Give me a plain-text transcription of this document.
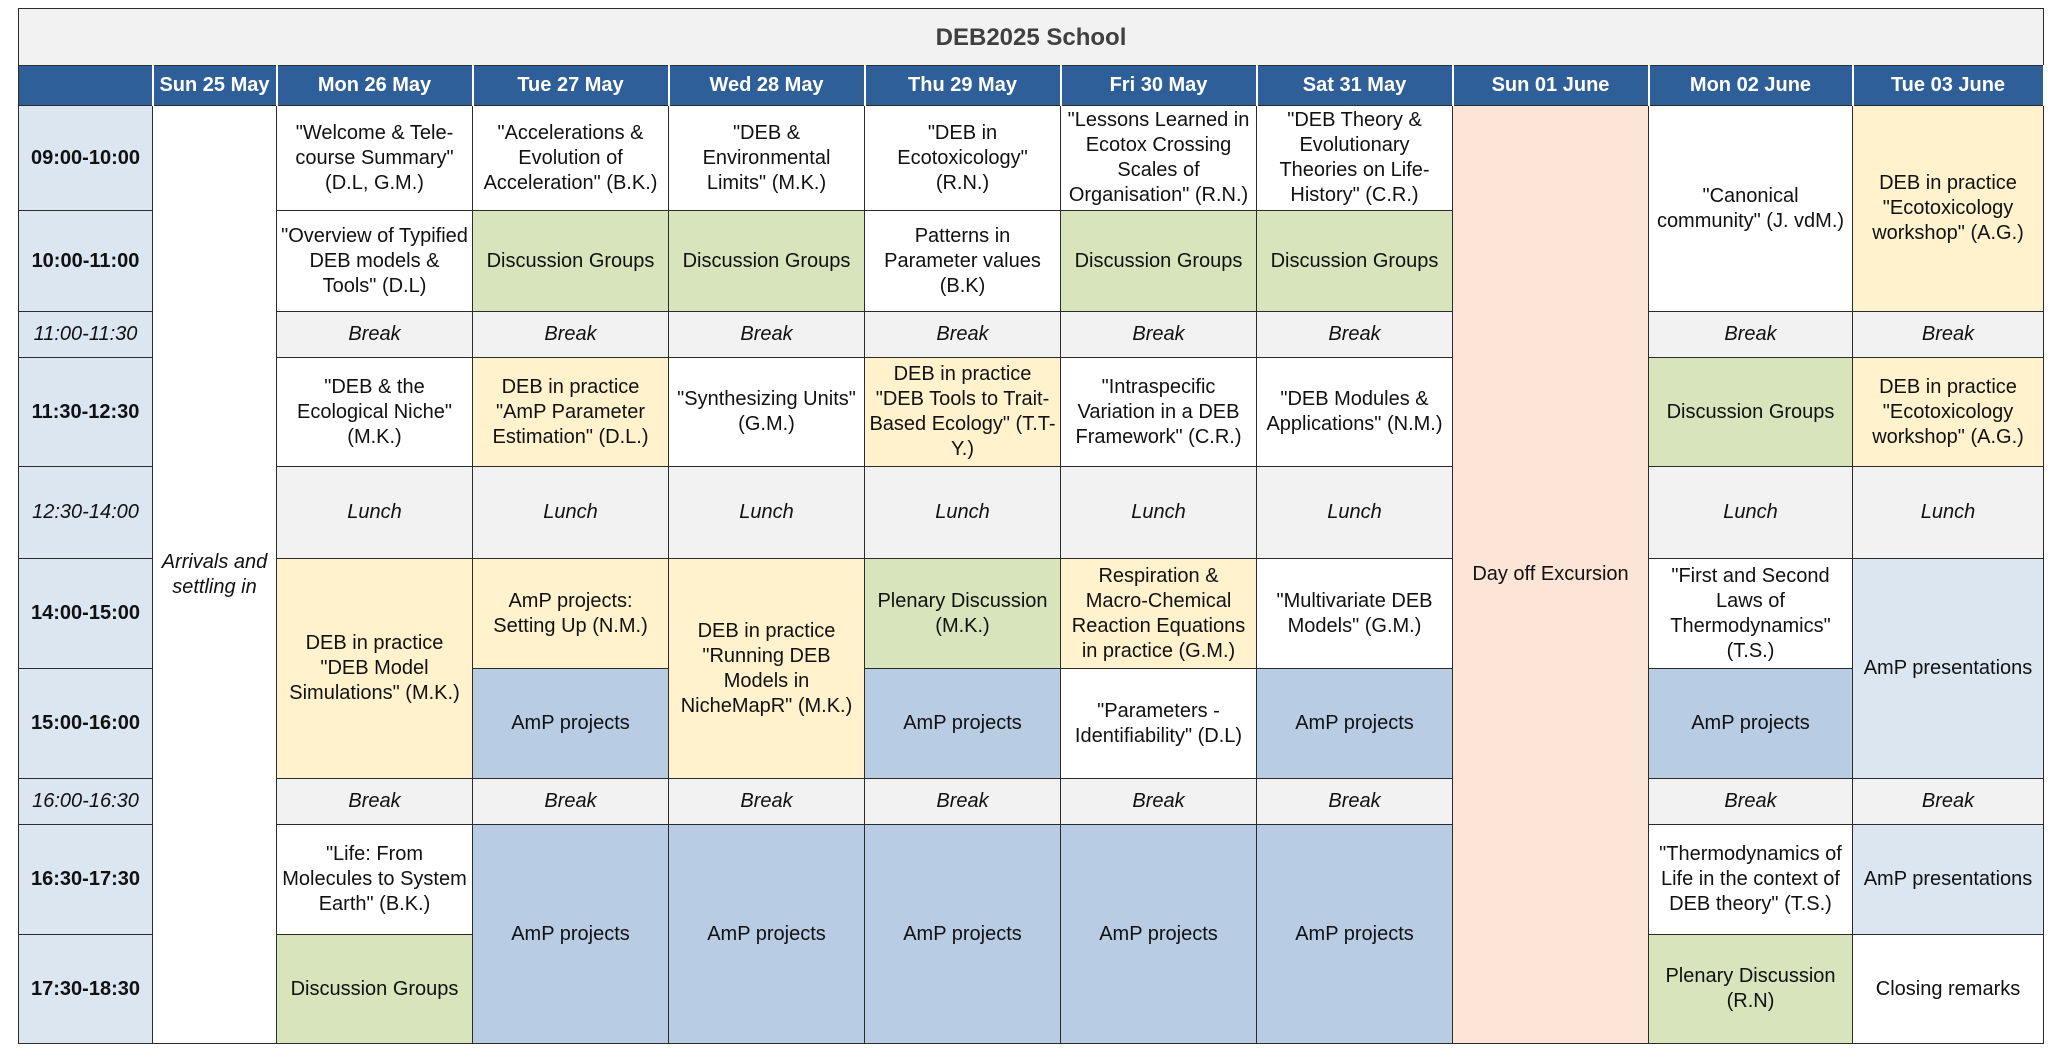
DEB2025 School										
	Sun 25 May	Mon 26 May	Tue 27 May	Wed 28 May	Thu 29 May	Fri 30 May	Sat 31 May	Sun 01 June	Mon 02 June	Tue 03 June
09:00-10:00	Arrivals and settling in	"Welcome & Tele-course Summary" (D.L, G.M.)	"Accelerations & Evolution of Acceleration" (B.K.)	"DEB & Environmental Limits" (M.K.)	"DEB in Ecotoxicology" (R.N.)	"Lessons Learned in Ecotox Crossing Scales of Organisation" (R.N.)	"DEB Theory & Evolutionary Theories on Life-History" (C.R.)	Day off Excursion	"Canonical community" (J. vdM.)	DEB in practice "Ecotoxicology workshop" (A.G.)
10:00-11:00		"Overview of Typified DEB models & Tools" (D.L)	Discussion Groups	Discussion Groups	Patterns in Parameter values (B.K)	Discussion Groups	Discussion Groups			
11:00-11:30		Break	Break	Break	Break	Break	Break		Break	Break
11:30-12:30		"DEB & the Ecological Niche" (M.K.)	DEB in practice "AmP Parameter Estimation" (D.L.)	"Synthesizing Units" (G.M.)	DEB in practice "DEB Tools to Trait-Based Ecology" (T.T-Y.)	"Intraspecific Variation in a DEB Framework" (C.R.)	"DEB Modules & Applications" (N.M.)		Discussion Groups	DEB in practice "Ecotoxicology workshop" (A.G.)
12:30-14:00		Lunch	Lunch	Lunch	Lunch	Lunch	Lunch		Lunch	Lunch
14:00-15:00		DEB in practice "DEB Model Simulations" (M.K.)	AmP projects: Setting Up (N.M.)	DEB in practice "Running DEB Models in NicheMapR" (M.K.)	Plenary Discussion (M.K.)	Respiration & Macro-Chemical Reaction Equations in practice (G.M.)	"Multivariate DEB Models" (G.M.)		"First and Second Laws of Thermodynamics" (T.S.)	AmP presentations
15:00-16:00			AmP projects		AmP projects	"Parameters - Identifiability" (D.L)	AmP projects		AmP projects	
16:00-16:30		Break	Break	Break	Break	Break	Break		Break	Break
16:30-17:30		"Life: From Molecules to System Earth" (B.K.)	AmP projects	AmP projects	AmP projects	AmP projects	AmP projects		"Thermodynamics of Life in the context of DEB theory" (T.S.)	AmP presentations
17:30-18:30		Discussion Groups							Plenary Discussion (R.N)	Closing remarks
